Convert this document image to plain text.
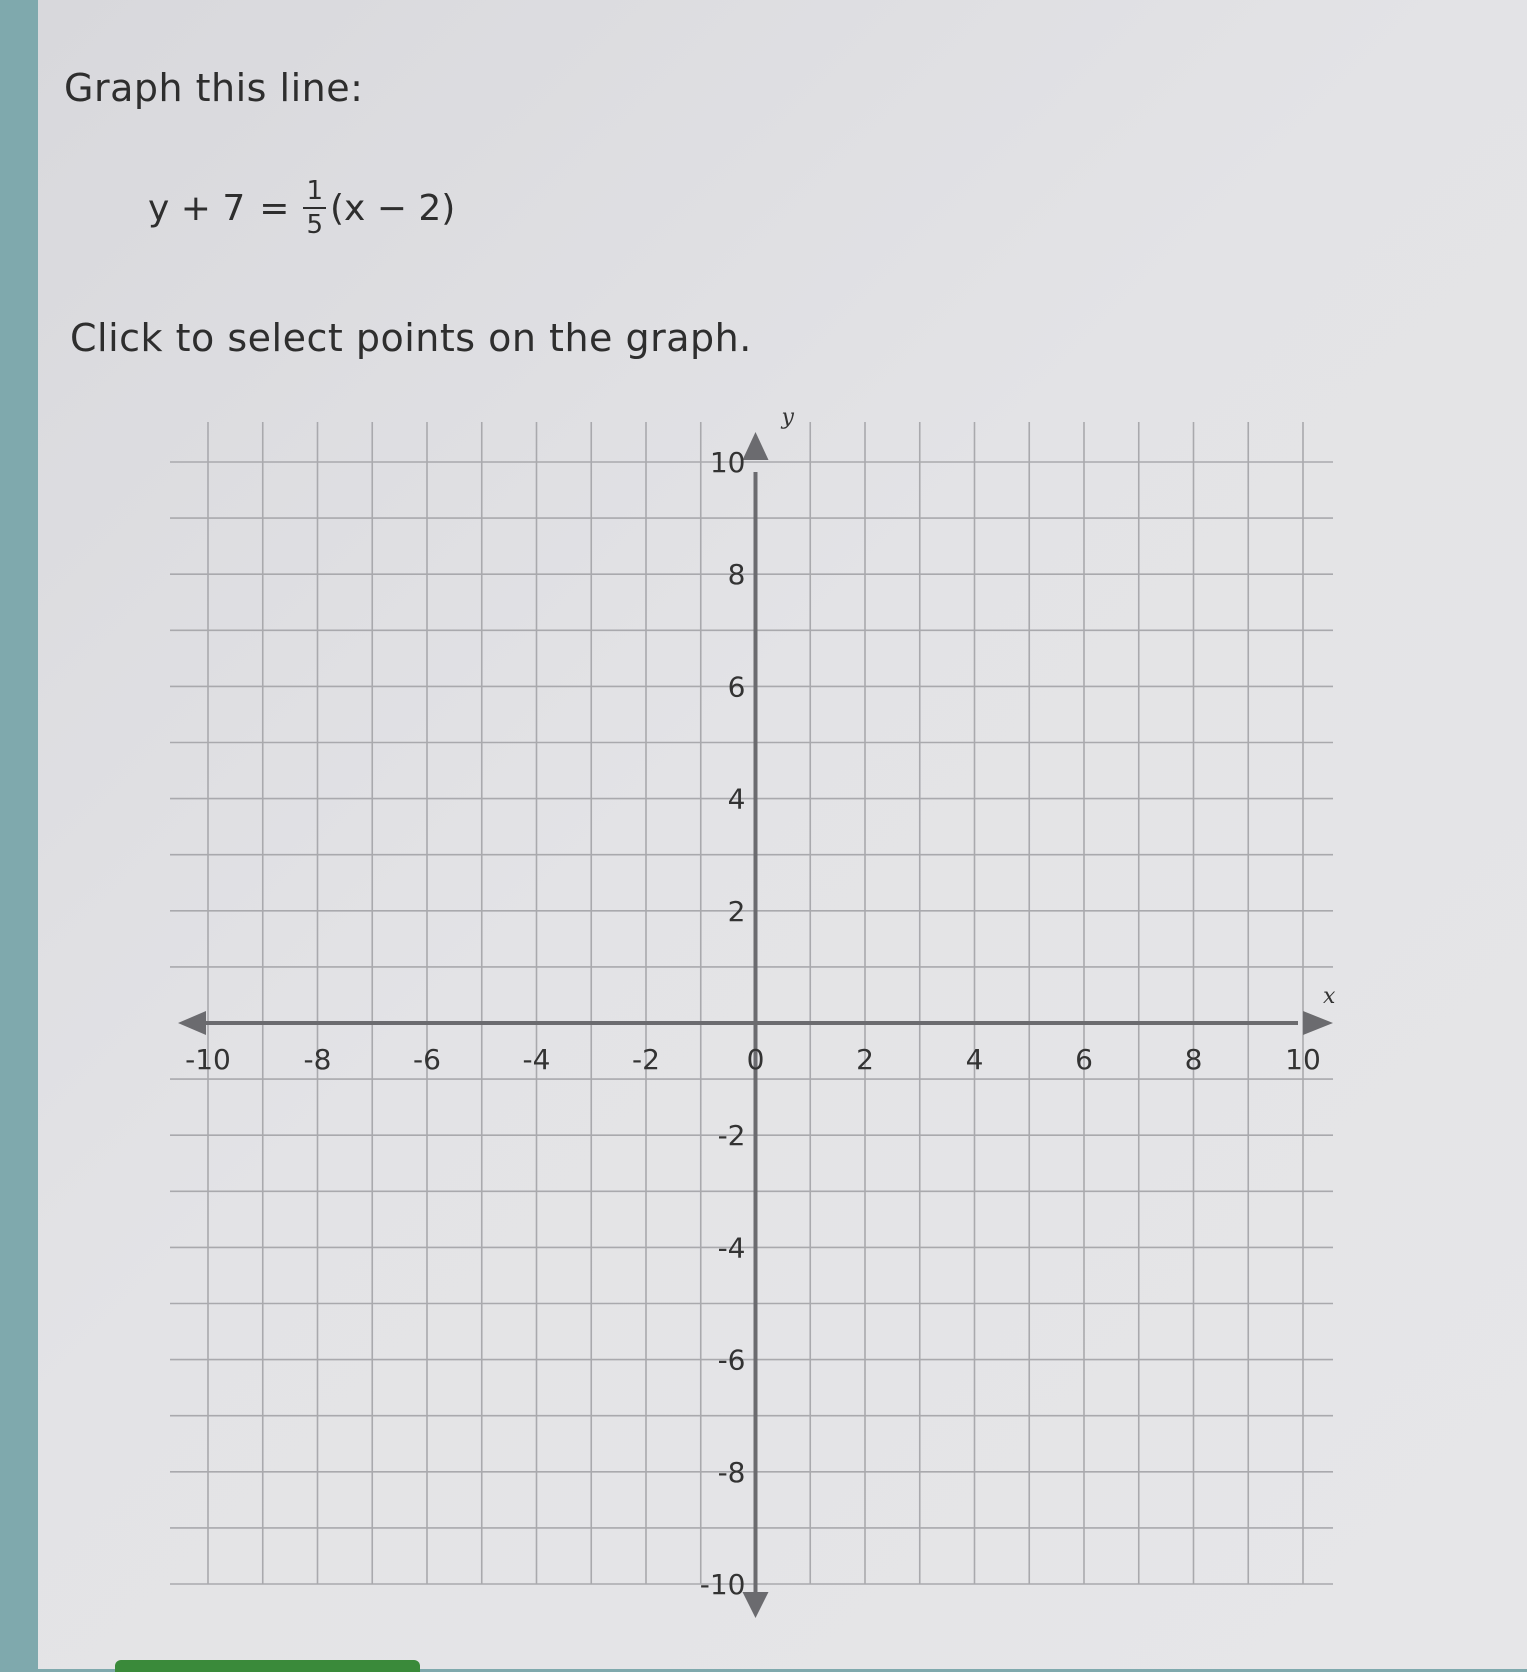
Graph this line:
$y + 7 = \frac{1}{5} (x - 2)$
Click to select points on the graph.
x
y
-10	-8	-6	-4	-2	0	2	4	6	8	10
10
8
6
4
2
-2
-4
-6
-8
-10
